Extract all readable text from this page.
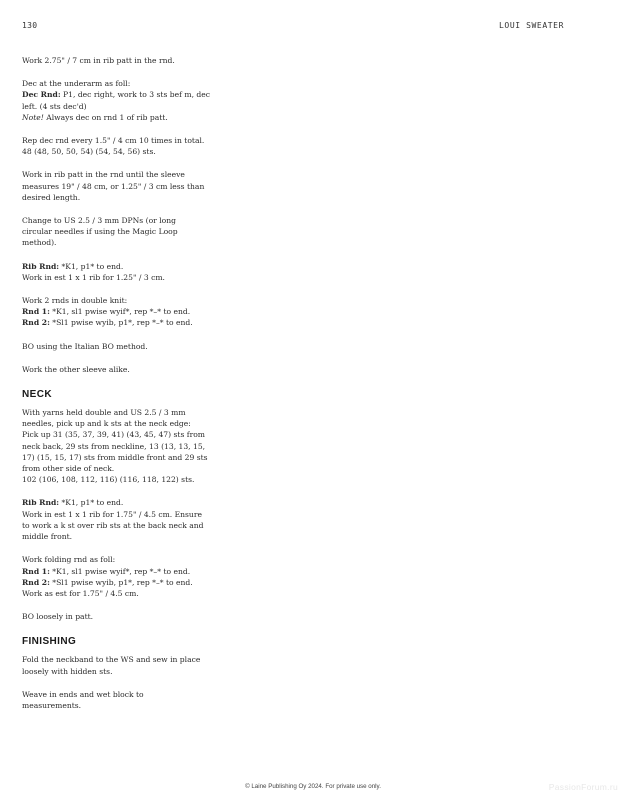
130	LOUI SWEATER
Work 2.75" / 7 cm in rib patt in the rnd.
Dec at the underarm as foll:
Dec Rnd: P1, dec right, work to 3 sts bef m, dec
left. (4 sts dec'd)
Note! Always dec on rnd 1 of rib patt.
Rep dec rnd every 1.5" / 4 cm 10 times in total.
48 (48, 50, 50, 54) (54, 54, 56) sts.
Work in rib patt in the rnd until the sleeve
measures 19" / 48 cm, or 1.25" / 3 cm less than
desired length.
Change to US 2.5 / 3 mm DPNs (or long
circular needles if using the Magic Loop
method).
Rib Rnd: *K1, p1* to end.
Work in est 1 x 1 rib for 1.25" / 3 cm.
Work 2 rnds in double knit:
Rnd 1: *K1, sl1 pwise wyif*, rep *–* to end.
Rnd 2: *Sl1 pwise wyib, p1*, rep *–* to end.
BO using the Italian BO method.
Work the other sleeve alike.
NECK
With yarns held double and US 2.5 / 3 mm
needles, pick up and k sts at the neck edge:
Pick up 31 (35, 37, 39, 41) (43, 45, 47) sts from
neck back, 29 sts from neckline, 13 (13, 13, 15,
17) (15, 15, 17) sts from middle front and 29 sts
from other side of neck.
102 (106, 108, 112, 116) (116, 118, 122) sts.
Rib Rnd: *K1, p1* to end.
Work in est 1 x 1 rib for 1.75" / 4.5 cm. Ensure
to work a k st over rib sts at the back neck and
middle front.
Work folding rnd as foll:
Rnd 1: *K1, sl1 pwise wyif*, rep *–* to end.
Rnd 2: *Sl1 pwise wyib, p1*, rep *–* to end.
Work as est for 1.75" / 4.5 cm.
BO loosely in patt.
FINISHING
Fold the neckband to the WS and sew in place
loosely with hidden sts.
Weave in ends and wet block to
measurements.
© Laine Publishing Oy 2024. For private use only.	PassionForum.ru
